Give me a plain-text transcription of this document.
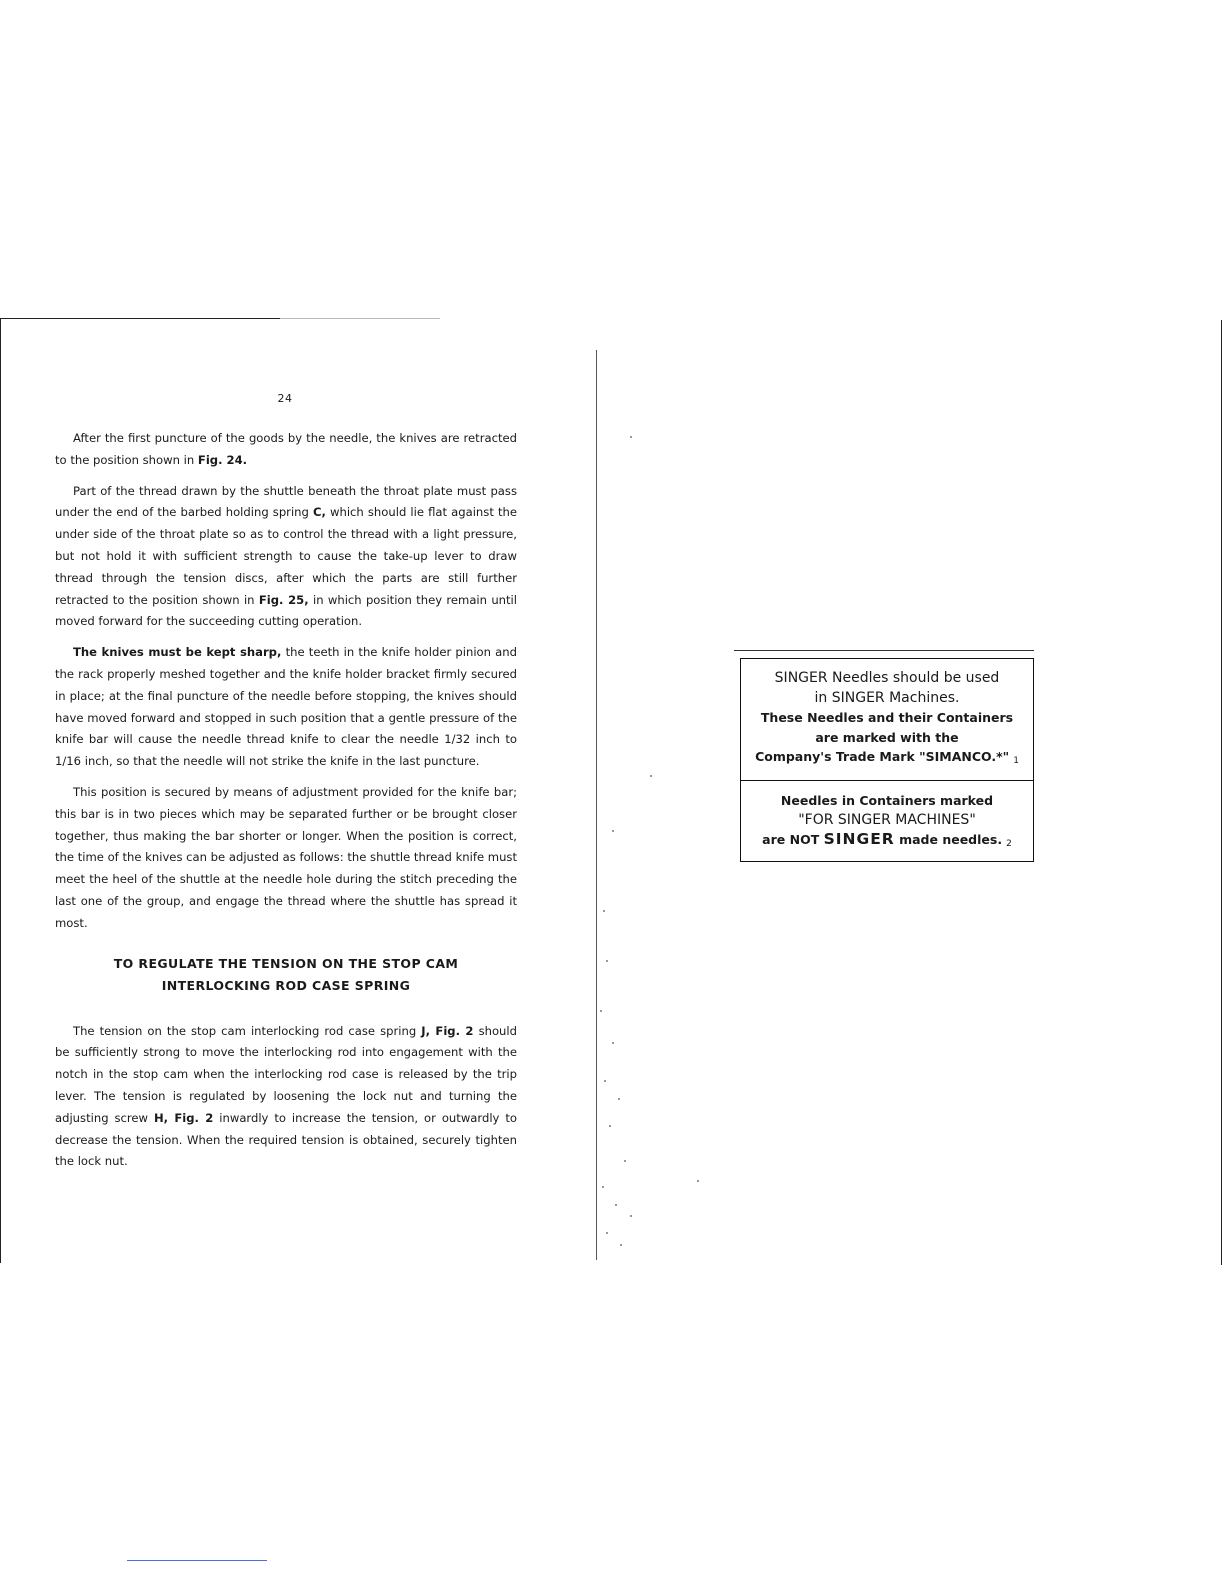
24

After the first puncture of the goods by the needle, the knives are retracted to the position shown in Fig. 24.

Part of the thread drawn by the shuttle beneath the throat plate must pass under the end of the barbed holding spring C, which should lie flat against the under side of the throat plate so as to control the thread with a light pressure, but not hold it with sufficient strength to cause the take-up lever to draw thread through the tension discs, after which the parts are still further retracted to the position shown in Fig. 25, in which position they remain until moved forward for the succeeding cutting operation.

The knives must be kept sharp, the teeth in the knife holder pinion and the rack properly meshed together and the knife holder bracket firmly secured in place; at the final puncture of the needle before stopping, the knives should have moved forward and stopped in such position that a gentle pressure of the knife bar will cause the needle thread knife to clear the needle 1/32 inch to 1/16 inch, so that the needle will not strike the knife in the last puncture.

This position is secured by means of adjustment provided for the knife bar; this bar is in two pieces which may be separated further or be brought closer together, thus making the bar shorter or longer. When the position is correct, the time of the knives can be adjusted as follows: the shuttle thread knife must meet the heel of the shuttle at the needle hole during the stitch preceding the last one of the group, and engage the thread where the shuttle has spread it most.

TO REGULATE THE TENSION ON THE STOP CAM
INTERLOCKING ROD CASE SPRING

The tension on the stop cam interlocking rod case spring J, Fig. 2 should be sufficiently strong to move the interlocking rod into engagement with the notch in the stop cam when the interlocking rod case is released by the trip lever. The tension is regulated by loosening the lock nut and turning the adjusting screw H, Fig. 2 inwardly to increase the tension, or outwardly to decrease the tension. When the required tension is obtained, securely tighten the lock nut.

SINGER Needles should be used
in SINGER Machines.
These Needles and their Containers
are marked with the
Company's Trade Mark "SIMANCO.*" 1
Needles in Containers marked
"FOR SINGER MACHINES"
are NOT SINGER made needles. 2
